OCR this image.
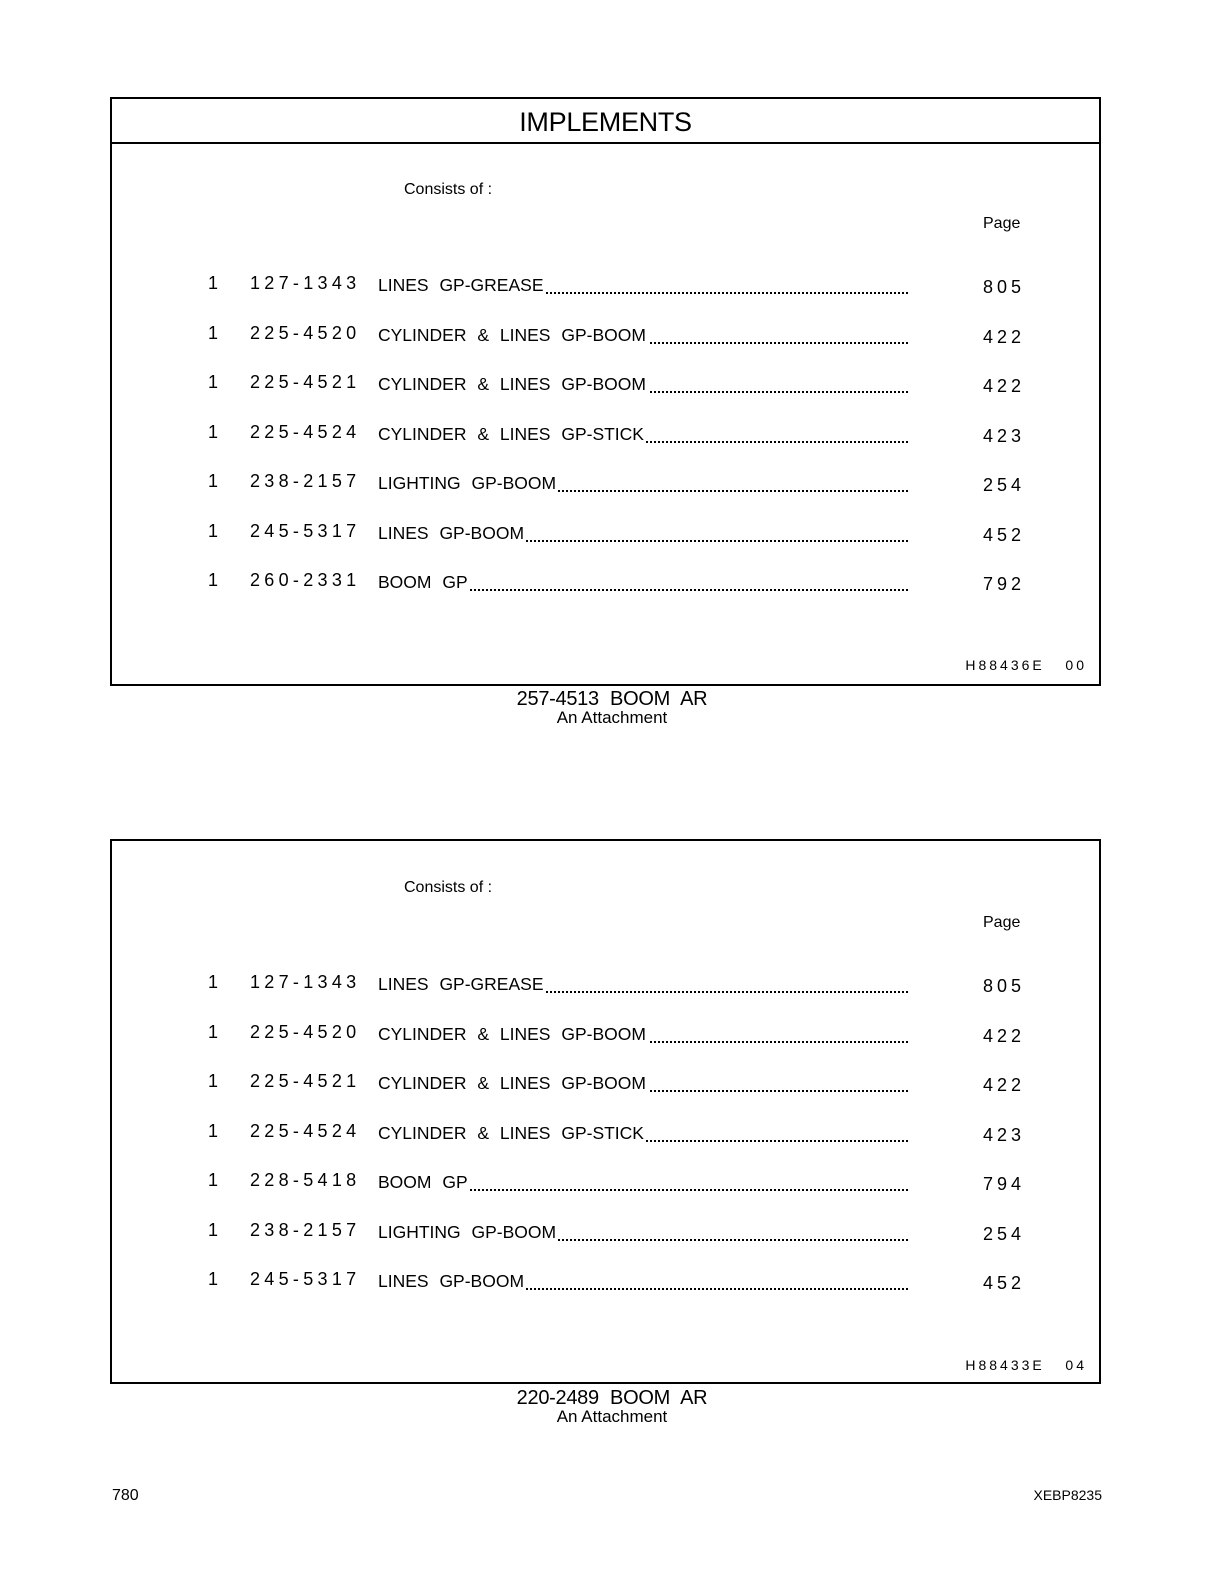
IMPLEMENTS
Consists of :
Page
1 127-1343 LINES GP-GREASE	805
1 225-4520 CYLINDER & LINES GP-BOOM	422
1 225-4521 CYLINDER & LINES GP-BOOM	422
1 225-4524 CYLINDER & LINES GP-STICK	423
1 238-2157 LIGHTING GP-BOOM	254
1 245-5317 LINES GP-BOOM	452
1 260-2331 BOOM GP	792
H88436E   00
257-4513 BOOM AR
An Attachment
Consists of :
Page
1 127-1343 LINES GP-GREASE	805
1 225-4520 CYLINDER & LINES GP-BOOM	422
1 225-4521 CYLINDER & LINES GP-BOOM	422
1 225-4524 CYLINDER & LINES GP-STICK	423
1 228-5418 BOOM GP	794
1 238-2157 LIGHTING GP-BOOM	254
1 245-5317 LINES GP-BOOM	452
H88433E   04
220-2489 BOOM AR
An Attachment
780	XEBP8235
